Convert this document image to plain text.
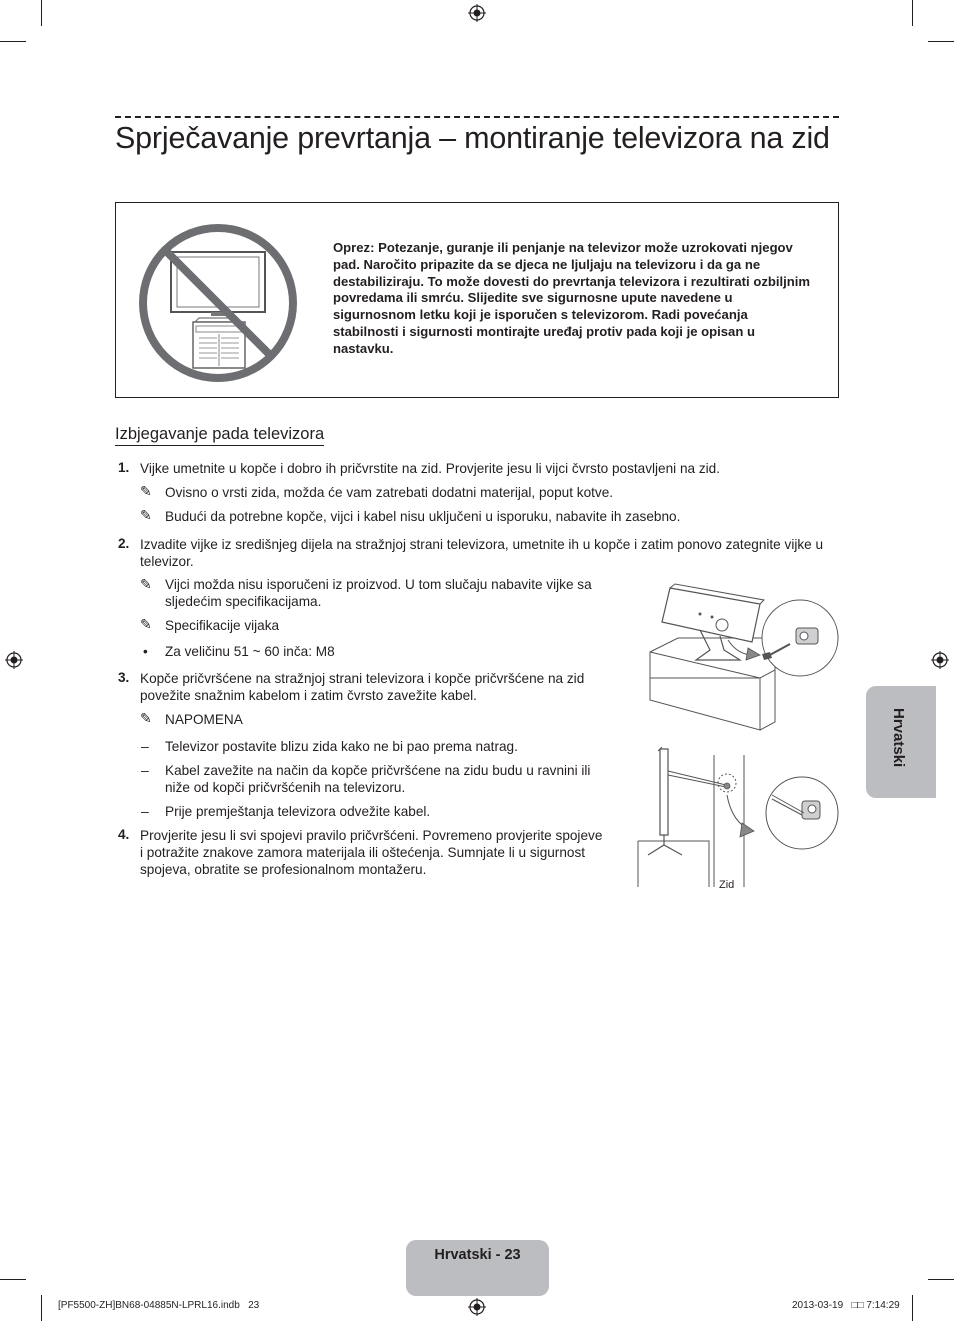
Sprječavanje prevrtanja – montiranje televizora na zid

Oprez: Potezanje, guranje ili penjanje na televizor može uzrokovati njegov pad. Naročito pripazite da se djeca ne ljuljaju na televizoru i da ga ne destabiliziraju. To može dovesti do prevrtanja televizora i rezultirati ozbiljnim povredama ili smrću. Slijedite sve sigurnosne upute navedene u sigurnosnom letku koji je isporučen s televizorom. Radi povećanja stabilnosti i sigurnosti montirajte uređaj protiv pada koji je opisan u nastavku.

Izbjegavanje pada televizora
1. Vijke umetnite u kopče i dobro ih pričvrstite na zid. Provjerite jesu li vijci čvrsto postavljeni na zid.

✎ Ovisno o vrsti zida, možda će vam zatrebati dodatni materijal, poput kotve.

✎ Budući da potrebne kopče, vijci i kabel nisu uključeni u isporuku, nabavite ih zasebno.

2. Izvadite vijke iz središnjeg dijela na stražnjoj strani televizora, umetnite ih u kopče i zatim ponovo zategnite vijke u

televizor.

✎ Vijci možda nisu isporučeni iz proizvod. U tom slučaju nabavite vijke sa

sljedećim specifikacijama.

✎ Specifikacije vijaka

• Za veličinu 51 ~ 60 inča: M8

3. Kopče pričvršćene na stražnjoj strani televizora i kopče pričvršćene na zid

povežite snažnim kabelom i zatim čvrsto zavežite kabel.

✎ NAPOMENA

– Televizor postavite blizu zida kako ne bi pao prema natrag.

– Kabel zavežite na način da kopče pričvršćene na zidu budu u ravnini ili

niže od kopči pričvršćenih na televizoru.

– Prije premještanja televizora odvežite kabel.

4. Provjerite jesu li svi spojevi pravilo pričvršćeni. Povremeno provjerite spojeve

i potražite znakove zamora materijala ili oštećenja. Sumnjate li u sigurnost

spojeva, obratite se profesionalnom montažeru.

Zid
Hrvatski
Hrvatski - 23
[PF5500-ZH]BN68-04885N-LPRL16.indb   23	2013-03-19   □□ 7:14:29
